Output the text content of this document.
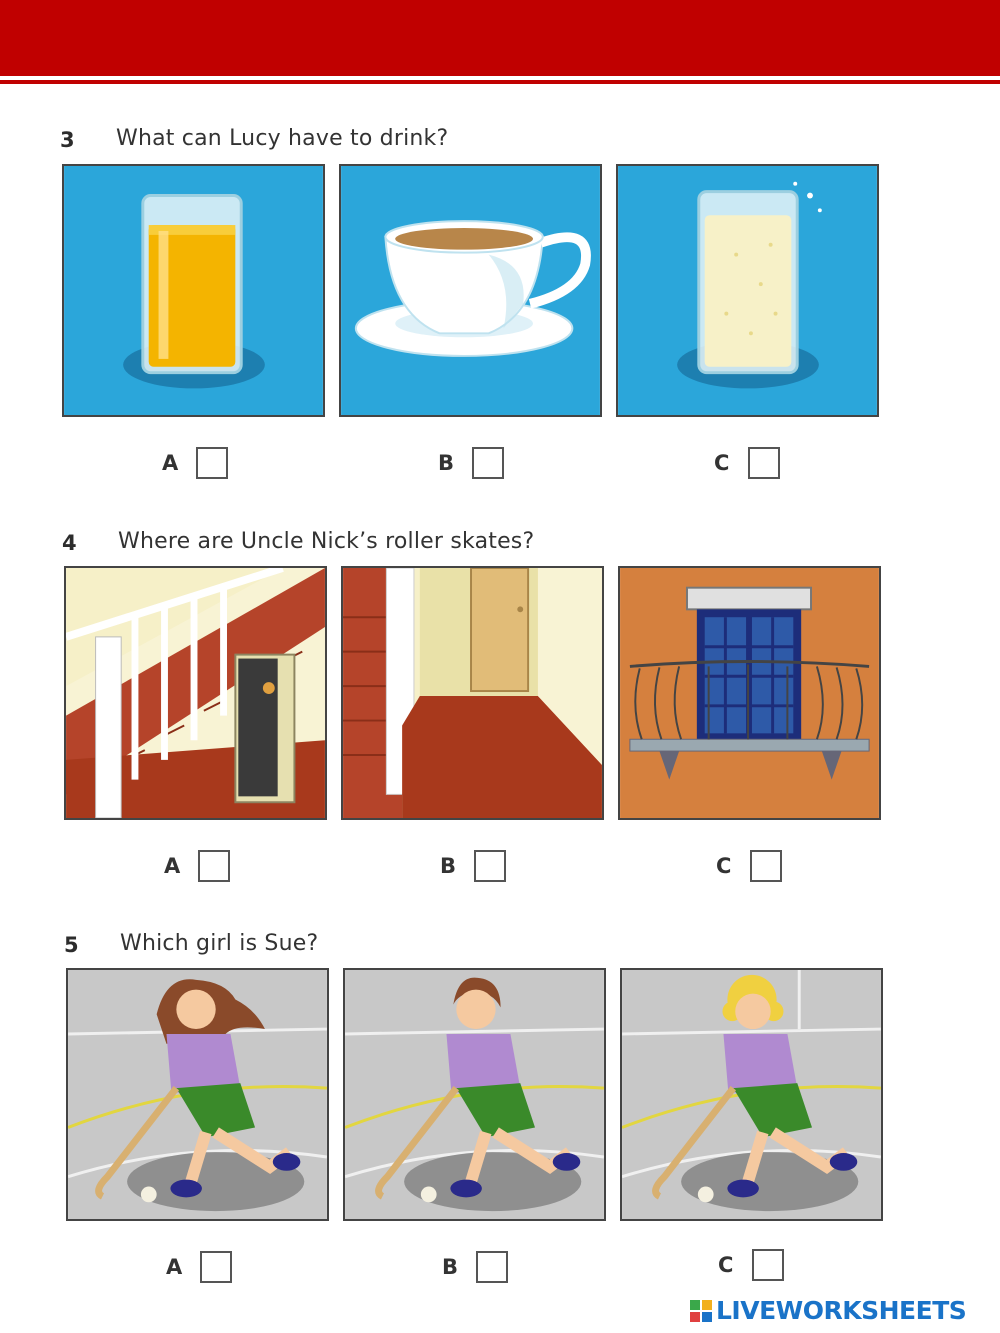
3 What can Lucy have to drink?
A	B	C
4 Where are Uncle Nick’s roller skates?
A	B	C
5 Which girl is Sue?
A	B	C
LIVEWORKSHEETS
